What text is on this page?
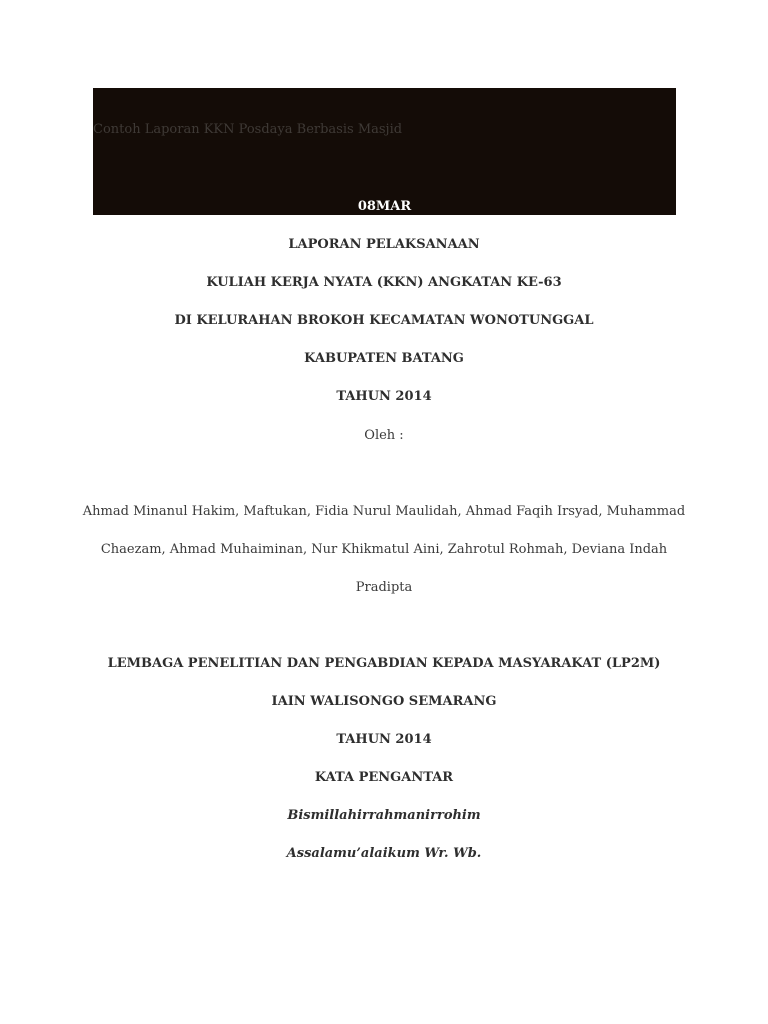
Contoh Laporan KKN Posdaya Berbasis Masjid
08MAR
LAPORAN PELAKSANAAN
KULIAH KERJA NYATA (KKN) ANGKATAN KE-63
DI KELURAHAN BROKOH KECAMATAN WONOTUNGGAL
KABUPATEN BATANG
TAHUN 2014
Oleh :
Ahmad Minanul Hakim, Maftukan, Fidia Nurul Maulidah, Ahmad Faqih Irsyad, Muhammad
Chaezam, Ahmad Muhaiminan, Nur Khikmatul Aini, Zahrotul Rohmah, Deviana Indah
Pradipta
LEMBAGA PENELITIAN DAN PENGABDIAN KEPADA MASYARAKAT (LP2M)
IAIN WALISONGO SEMARANG
TAHUN 2014
KATA PENGANTAR
Bismillahirrahmanirrohim
Assalamu’alaikum Wr. Wb.
